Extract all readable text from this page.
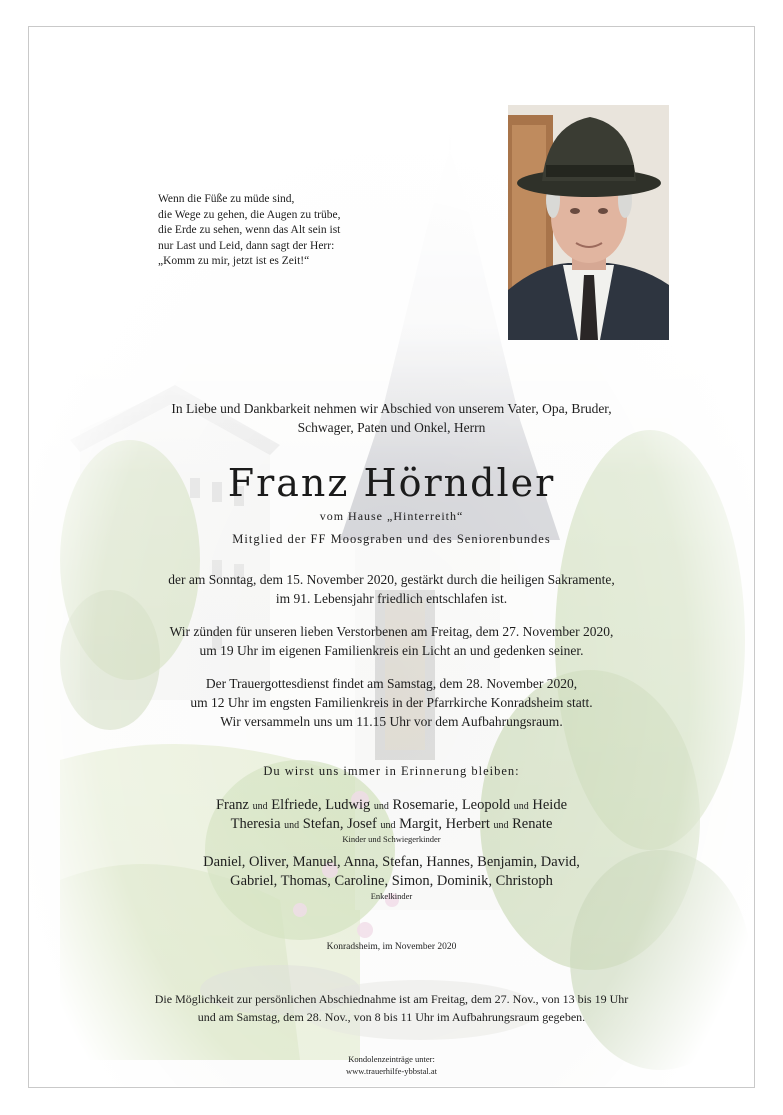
Wenn die Füße zu müde sind,
die Wege zu gehen, die Augen zu trübe,
die Erde zu sehen, wenn das Alt sein ist
nur Last und Leid, dann sagt der Herr:
„Komm zu mir, jetzt ist es Zeit!“
In Liebe und Dankbarkeit nehmen wir Abschied von unserem Vater, Opa, Bruder,
Schwager, Paten und Onkel, Herrn
Franz Hörndler
vom Hause „Hinterreith“
Mitglied der FF Moosgraben und des Seniorenbundes
der am Sonntag, dem 15. November 2020, gestärkt durch die heiligen Sakramente,
im 91. Lebensjahr friedlich entschlafen ist.
Wir zünden für unseren lieben Verstorbenen am Freitag, dem 27. November 2020,
um 19 Uhr im eigenen Familienkreis ein Licht an und gedenken seiner.
Der Trauergottesdienst findet am Samstag, dem 28. November 2020,
um 12 Uhr im engsten Familienkreis in der Pfarrkirche Konradsheim statt.
Wir versammeln uns um 11.15 Uhr vor dem Aufbahrungsraum.
Du wirst uns immer in Erinnerung bleiben:
Franz und Elfriede, Ludwig und Rosemarie, Leopold und Heide
Theresia und Stefan, Josef und Margit, Herbert und Renate
Kinder und Schwiegerkinder
Daniel, Oliver, Manuel, Anna, Stefan, Hannes, Benjamin, David,
Gabriel, Thomas, Caroline, Simon, Dominik, Christoph
Enkelkinder
Konradsheim, im November 2020
Die Möglichkeit zur persönlichen Abschiednahme ist am Freitag, dem 27. Nov., von 13 bis 19 Uhr
und am Samstag, dem 28. Nov., von 8 bis 11 Uhr im Aufbahrungsraum gegeben.
Kondolenzeinträge unter:
www.trauerhilfe-ybbstal.at
